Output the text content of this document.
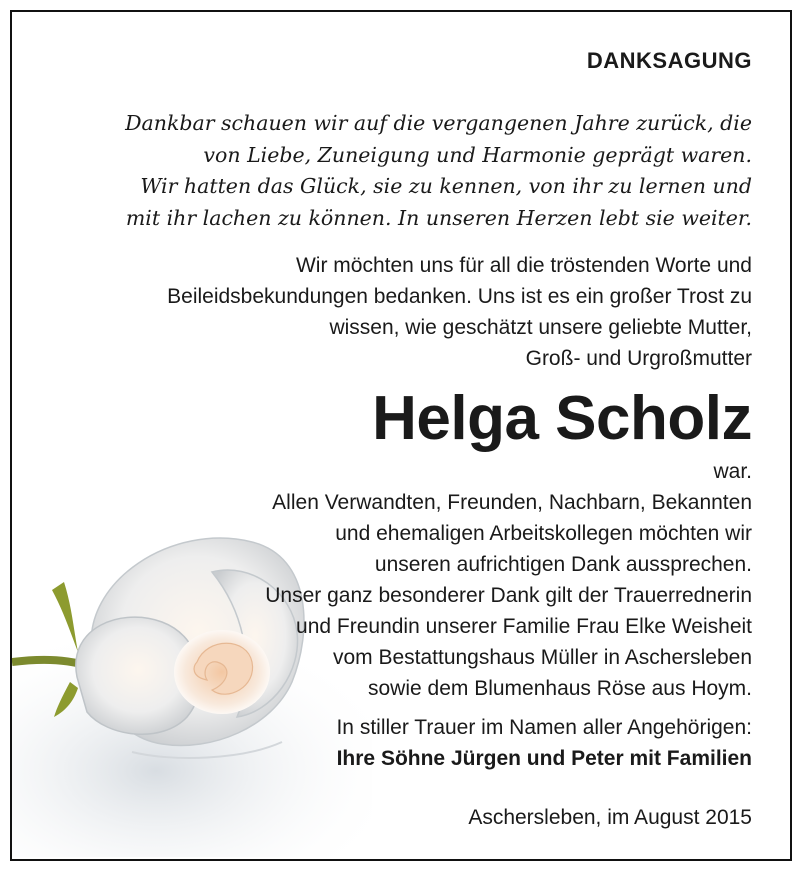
DANKSAGUNG
Dankbar schauen wir auf die vergangenen Jahre zurück, die
von Liebe, Zuneigung und Harmonie geprägt waren.
Wir hatten das Glück, sie zu kennen, von ihr zu lernen und
mit ihr lachen zu können. In unseren Herzen lebt sie weiter.
Wir möchten uns für all die tröstenden Worte und
Beileidsbekundungen bedanken. Uns ist es ein großer Trost zu
wissen, wie geschätzt unsere geliebte Mutter,
Groß- und Urgroßmutter
Helga Scholz
war.
Allen Verwandten, Freunden, Nachbarn, Bekannten
und ehemaligen Arbeitskollegen möchten wir
unseren aufrichtigen Dank aussprechen.
Unser ganz besonderer Dank gilt der Trauerrednerin
und Freundin unserer Familie Frau Elke Weisheit
vom Bestattungshaus Müller in Aschersleben
sowie dem Blumenhaus Röse aus Hoym.
In stiller Trauer im Namen aller Angehörigen:
Ihre Söhne Jürgen und Peter mit Familien
Aschersleben, im August 2015
